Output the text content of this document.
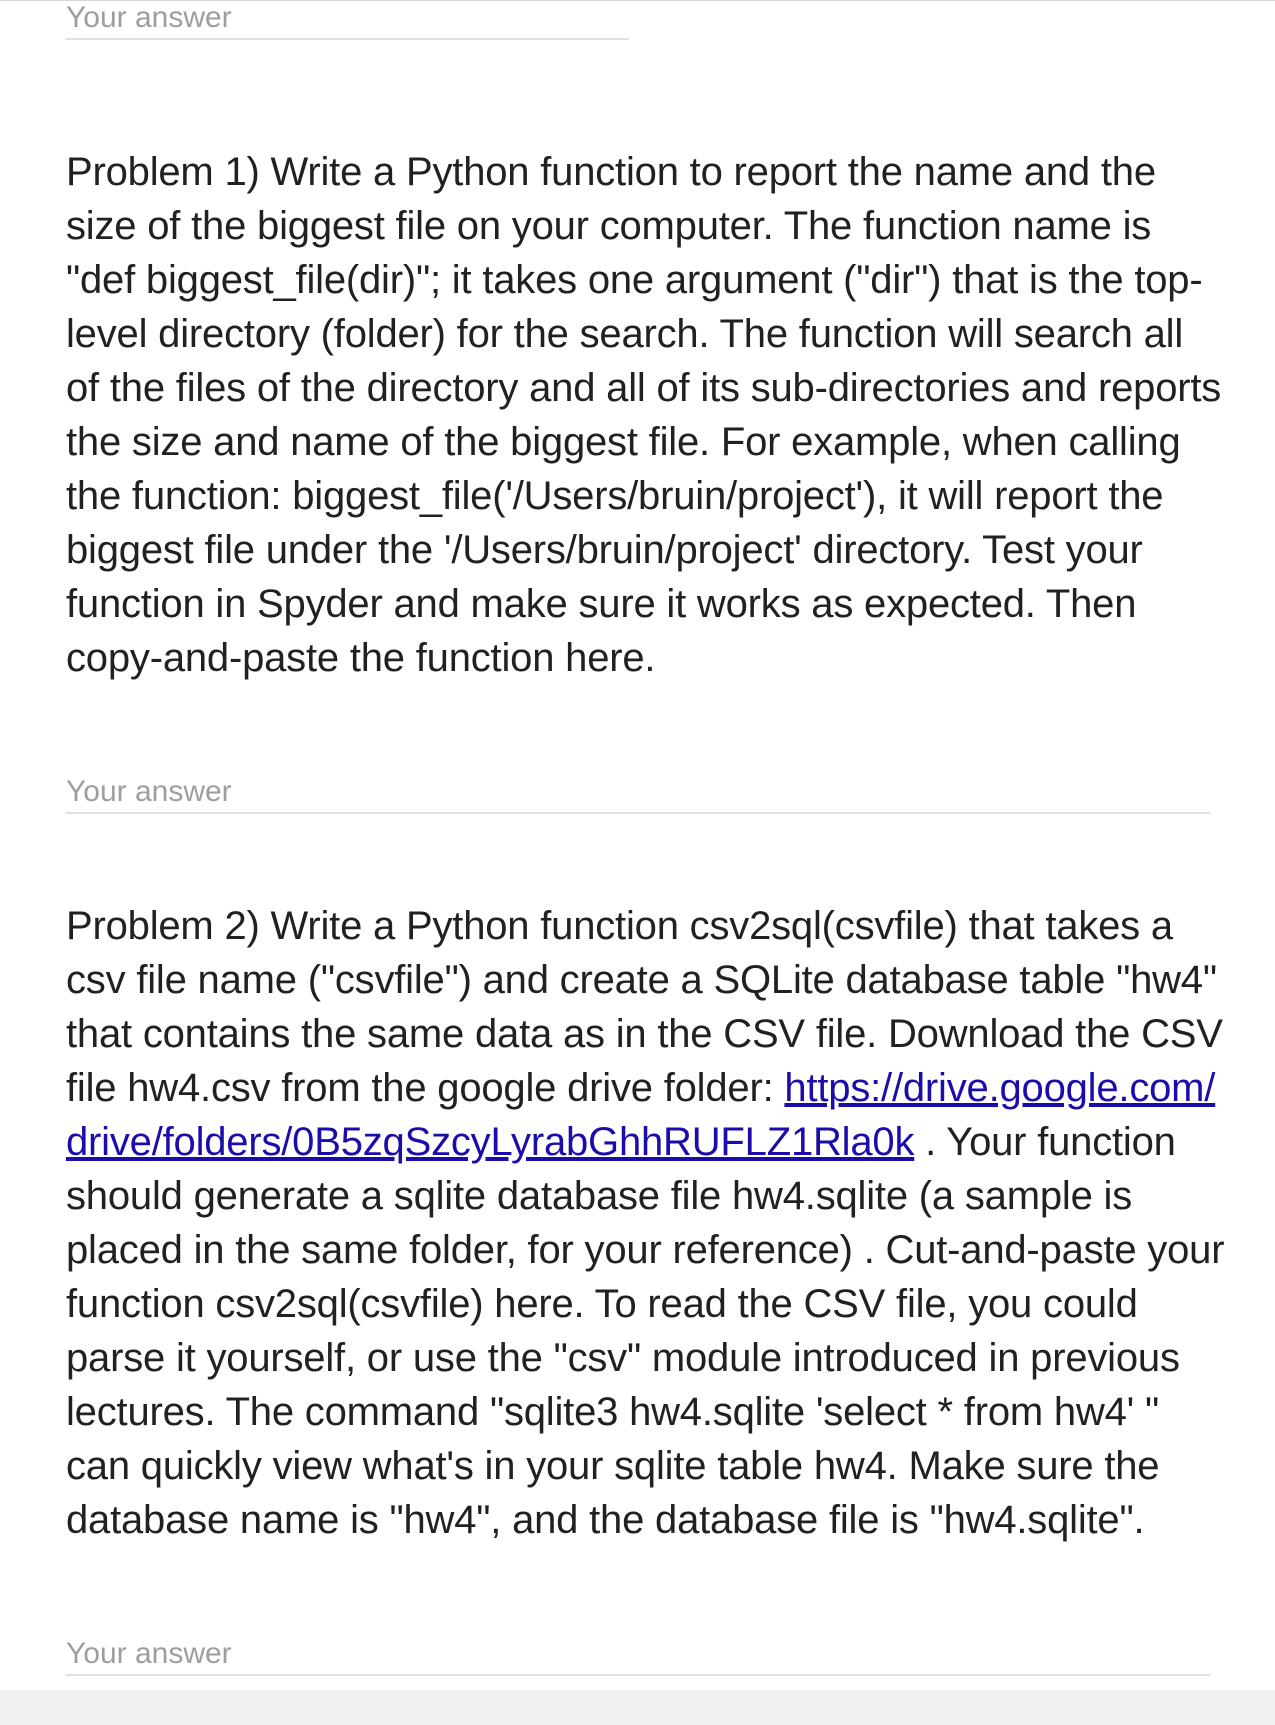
Your answer

Problem 1) Write a Python function to report the name and the size of the biggest file on your computer. The function name is "def biggest_file(dir)"; it takes one argument ("dir") that is the top-level directory (folder) for the search. The function will search all of the files of the directory and all of its sub-directories and reports the size and name of the biggest file. For example, when calling the function: biggest_file('/Users/bruin/project'), it will report the biggest file under the '/Users/bruin/project' directory. Test your function in Spyder and make sure it works as expected. Then copy-and-paste the function here.

Your answer

Problem 2) Write a Python function csv2sql(csvfile) that takes a csv file name ("csvfile") and create a SQLite database table "hw4" that contains the same data as in the CSV file. Download the CSV file hw4.csv from the google drive folder: https://drive.google.com/drive/folders/0B5zqSzcyLyrabGhhRUFLZ1Rla0k . Your function should generate a sqlite database file hw4.sqlite (a sample is placed in the same folder, for your reference) . Cut-and-paste your function csv2sql(csvfile) here. To read the CSV file, you could parse it yourself, or use the "csv" module introduced in previous lectures. The command "sqlite3 hw4.sqlite 'select * from hw4' " can quickly view what's in your sqlite table hw4. Make sure the database name is "hw4", and the database file is "hw4.sqlite".

Your answer
